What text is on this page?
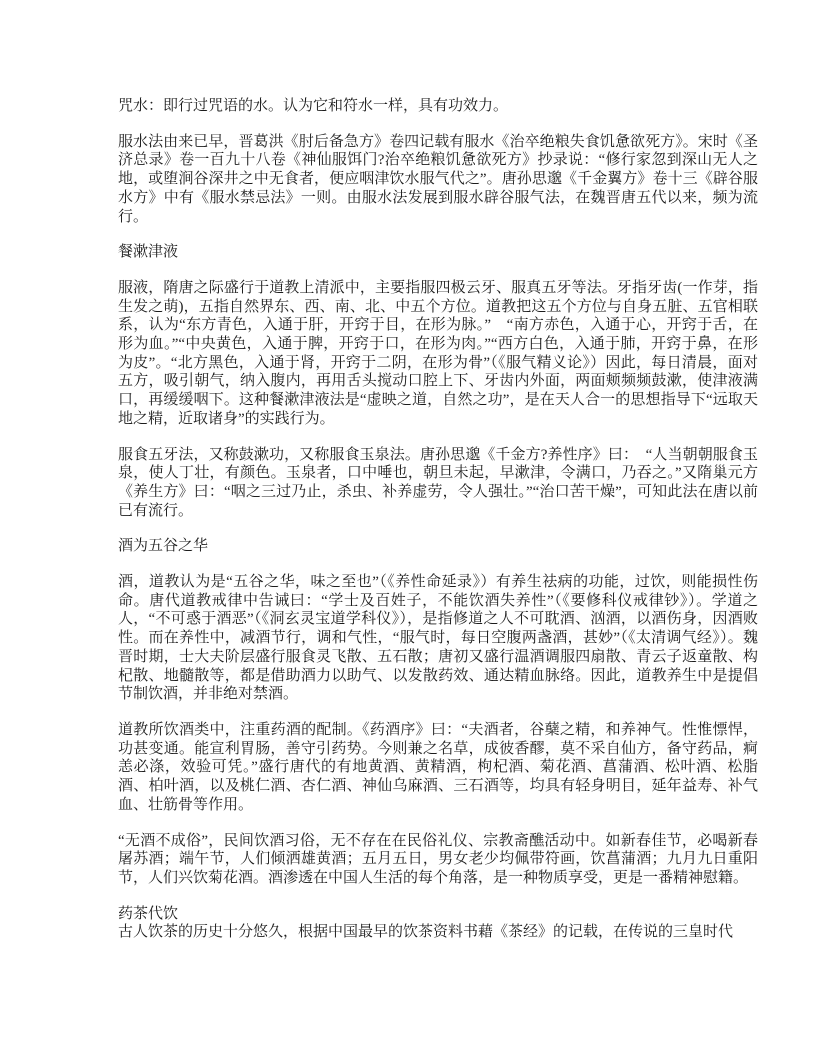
咒水：即行过咒语的水。认为它和符水一样，具有功效力。

服水法由来已早，晋葛洪《肘后备急方》卷四记载有服水《治卒绝粮失食饥惫欲死方》。宋时《圣济总录》卷一百九十八卷《神仙服饵门?治卒绝粮饥惫欲死方》抄录说：“修行家忽到深山无人之地，或堕涧谷深井之中无食者，便应咽津饮水服气代之”。唐孙思邈《千金翼方》卷十三《辟谷服水方》中有《服水禁忌法》一则。由服水法发展到服水辟谷服气法，在魏晋唐五代以来，频为流行。

餐漱津液

服液，隋唐之际盛行于道教上清派中，主要指服四极云牙、服真五牙等法。牙指牙齿(一作芽，指生发之萌)，五指自然界东、西、南、北、中五个方位。道教把这五个方位与自身五脏、五官相联系，认为“东方青色，入通于肝，开窍于目，在形为脉。”　“南方赤色，入通于心，开窍于舌，在形为血。”“中央黄色，入通于脾，开窍于口，在形为肉。”“西方白色，入通于肺，开窍于鼻，在形为皮”。“北方黑色，入通于肾，开窍于二阴，在形为骨”（《服气精义论》）因此，每日清晨，面对五方，吸引朝气，纳入腹内，再用舌头搅动口腔上下、牙齿内外面，两面颊频频鼓漱，使津液满口，再缓缓咽下。这种餐漱津液法是“虚映之道，自然之功”，是在天人合一的思想指导下“远取天地之精，近取诸身”的实践行为。

服食五牙法，又称鼓漱功，又称服食玉泉法。唐孙思邈《千金方?养性序》曰：　“人当朝朝服食玉泉，使人丁壮，有颜色。玉泉者，口中唾也，朝旦未起，早漱津，令满口，乃吞之。”又隋巢元方《养生方》曰：“咽之三过乃止，杀虫、补养虚劳，令人强壮。”“治口苦干燥”，可知此法在唐以前已有流行。

酒为五谷之华

酒，道教认为是“五谷之华，味之至也”（《养性命延录》）有养生祛病的功能，过饮，则能损性伤命。唐代道教戒律中告诫曰：“学士及百姓子，不能饮酒失养性”（《要修科仪戒律钞》）。学道之人，“不可惑于酒恶”（《洞玄灵宝道学科仪》），是指修道之人不可耽酒、汹酒，以酒伤身，因酒败性。而在养性中，减酒节行，调和气性，“服气时，每日空腹两盏酒，甚妙”（《太清调气经》）。魏晋时期，士大夫阶层盛行服食灵飞散、五石散；唐初又盛行温酒调服四扇散、青云子返童散、构杞散、地髓散等，都是借助酒力以助气、以发散药效、通达精血脉络。因此，道教养生中是提倡节制饮酒，并非绝对禁酒。

道教所饮酒类中，注重药酒的配制。《药酒序》曰：“夫酒者，谷蘖之精，和养神气。性惟慓悍，功甚变通。能宣利胃肠，善守引药势。今则兼之名草，成彼香醪，莫不采自仙方，备守药品，痾恙必涤，效验可凭。”盛行唐代的有地黄酒、黄精酒，枸杞酒、菊花酒、菖蒲酒、松叶酒、松脂酒、柏叶酒，以及桃仁酒、杏仁酒、神仙乌麻酒、三石酒等，均具有轻身明目，延年益寿、补气血、壮筋骨等作用。

“无酒不成俗”，民间饮酒习俗，无不存在在民俗礼仪、宗教斋醮活动中。如新春佳节，必喝新春屠苏酒；端午节，人们倾洒雄黄酒；五月五日，男女老少均佩带符画，饮菖蒲酒；九月九日重阳节，人们兴饮菊花酒。酒渗透在中国人生活的每个角落，是一种物质享受，更是一番精神慰籍。

药茶代饮

古人饮茶的历史十分悠久，根据中国最早的饮茶资料书藉《茶经》的记载，在传说的三皇时代
